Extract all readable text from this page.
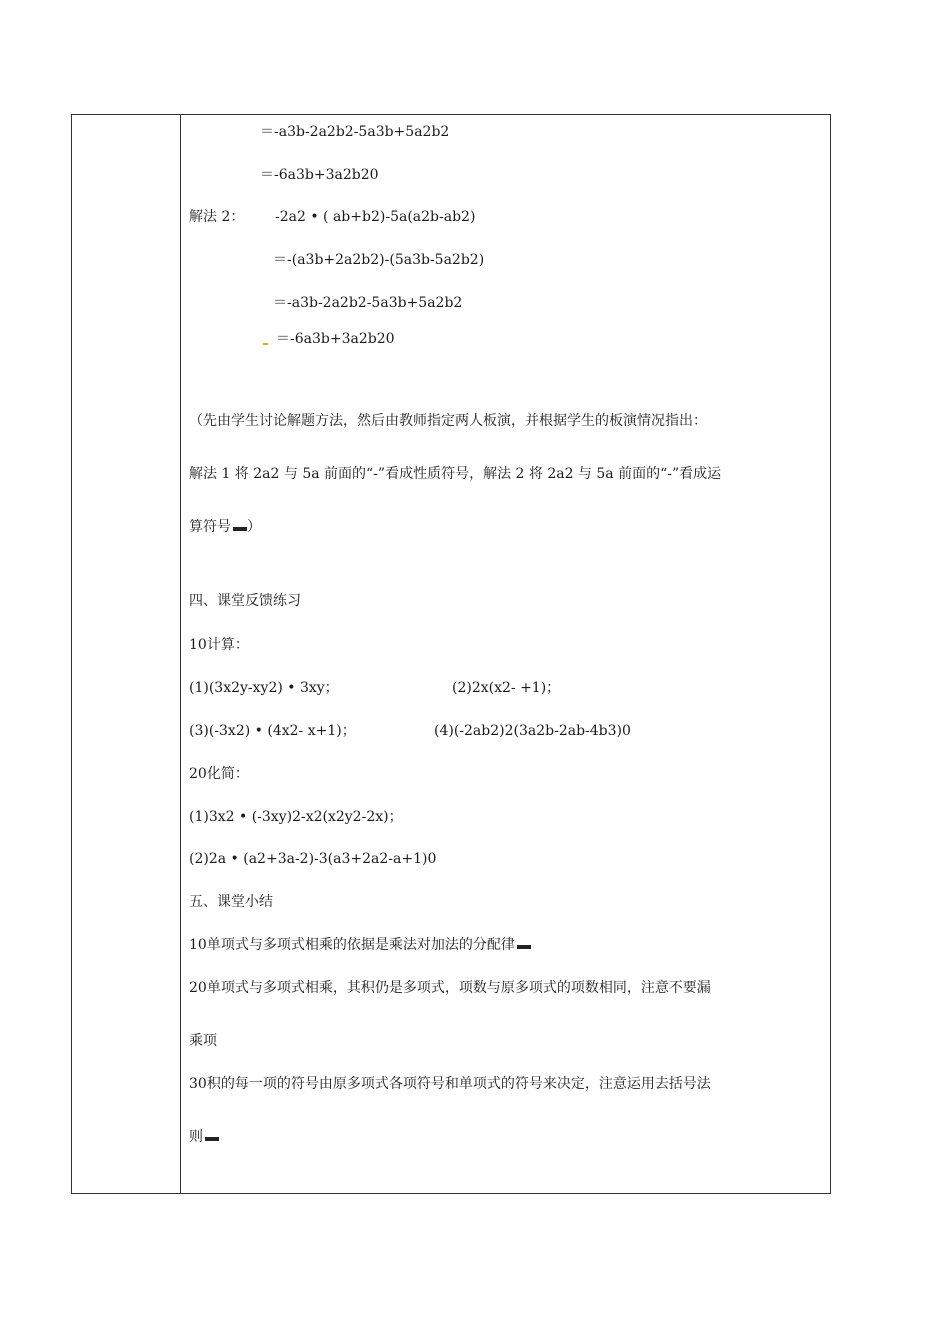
＝-a3b-2a2b2-5a3b+5a2b2
＝-6a3b+3a2b20
解法 2： -2a2 • ( ab+b2)-5a(a2b-ab2)
＝-(a3b+2a2b2)-(5a3b-5a2b2)
＝-a3b-2a2b2-5a3b+5a2b2
＝-6a3b+3a2b20
（先由学生讨论解题方法，然后由教师指定两人板演，并根据学生的板演情况指出：
解法 1 将 2a2 与 5a 前面的“-”看成性质符号，解法 2 将 2a2 与 5a 前面的“-”看成运
算符号 ）
四、课堂反馈练习
10计算：
(1)(3x2y-xy2) • 3xy；	(2)2x(x2- +1)；
(3)(-3x2) • (4x2- x+1)；	(4)(-2ab2)2(3a2b-2ab-4b3)0
20化简：
(1)3x2 • (-3xy)2-x2(x2y2-2x)；
(2)2a • (a2+3a-2)-3(a3+2a2-a+1)0
五、课堂小结
10单项式与多项式相乘的依据是乘法对加法的分配律
20单项式与多项式相乘，其积仍是多项式，项数与原多项式的项数相同，注意不要漏
乘项
30积的每一项的符号由原多项式各项符号和单项式的符号来决定，注意运用去括号法
则
